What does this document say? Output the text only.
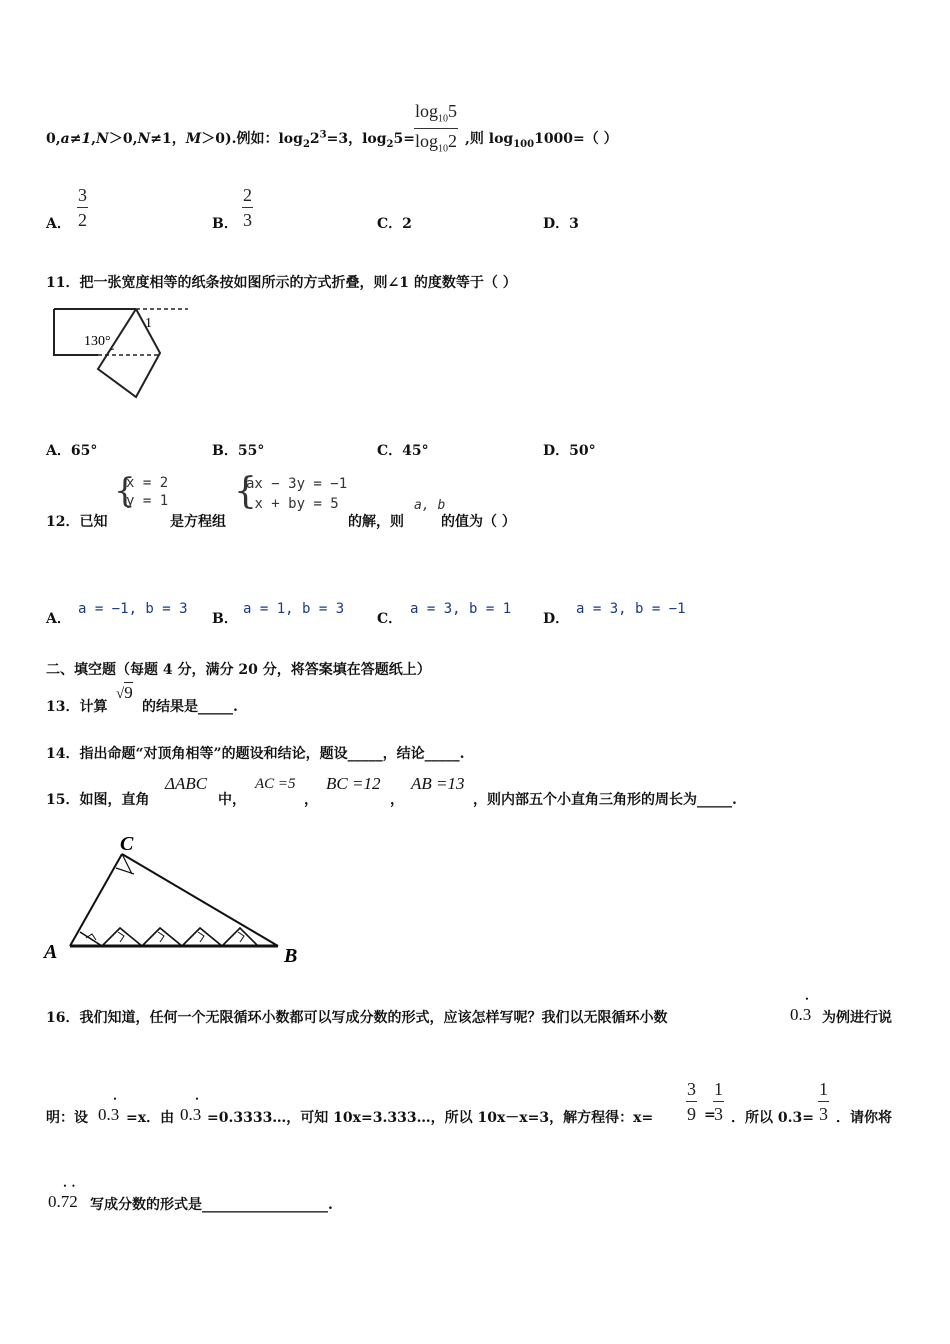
0,a≠1,N＞0,N≠1，M＞0).例如：$\log_22^3=3$，$\log_25= \frac{\log_{10}5}{\log_{10}2}$ ,则 $\log_{100}1000=$（ ）
A． $\frac{3}{2}$	B． $\frac{2}{3}$	C．2	D．3
11．把一张宽度相等的纸条按如图所示的方式折叠，则∠1 的度数等于（ ）
130°
1
A．65°	B．55°	C．45°	D．50°
12．已知
{
x = 2
y = 1
是方程组
{
ax − 3y = −1
x + by = 5
的解，则
a, b
的值为（ ）
A．
a = −1, b = 3
B．
a = 1, b = 3
C．
a = 3, b = 1
D．
a = 3, b = −1
二、填空题（每题 4 分，满分 20 分，将答案填在答题纸上）
13．计算
√9
的结果是_____.
14．指出命题“对顶角相等”的题设和结论，题设_____，结论_____.
15．如图，直角
ΔABC
中，
AC =5
，
BC =12
，
AB =13
，则内部五个小直角三角形的周长为_____.
A	B
C
16．我们知道，任何一个无限循环小数都可以写成分数的形式，应该怎样写呢？我们以无限循环小数	0.• 3 为例进行说
明：设 0.• 3 =x．由 0.• 3 =0.3333…，可知 10x=3.333…，所以 10x－x=3，解方程得：$x= \frac{3}{9}$ =
$\frac{1}{3}$ ．所以 $0.3= \frac{1}{3}$ ．请你将
0.• 7• 2 写成分数的形式是__________________.
